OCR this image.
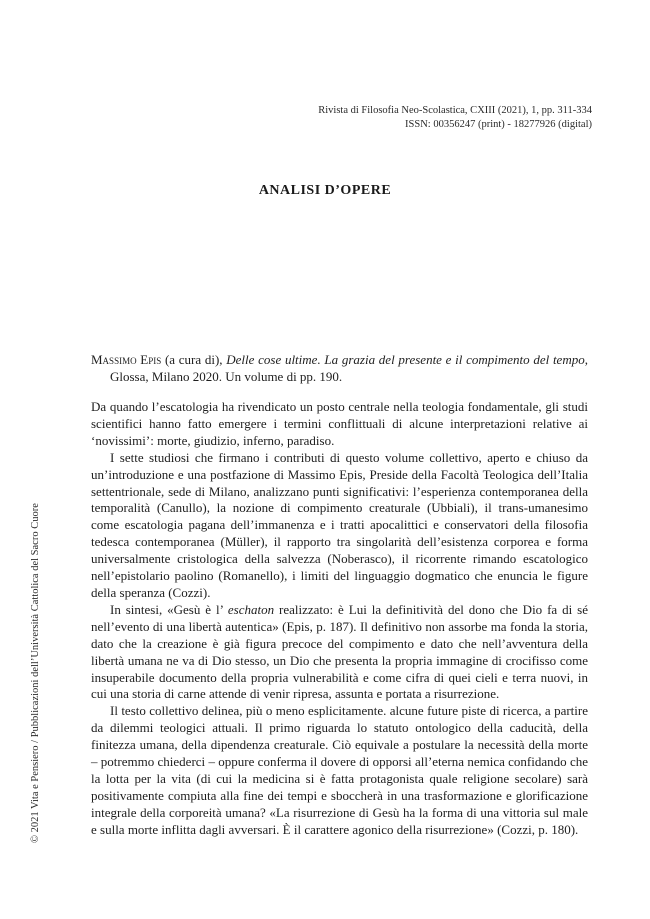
Rivista di Filosofia Neo-Scolastica, CXIII (2021), 1, pp. 311-334
ISSN: 00356247 (print) - 18277926 (digital)
ANALISI D’OPERE
Massimo Epis (a cura di), Delle cose ultime. La grazia del presente e il compimento del tempo, Glossa, Milano 2020. Un volume di pp. 190.

Da quando l’escatologia ha rivendicato un posto centrale nella teologia fondamentale, gli studi scientifici hanno fatto emergere i termini conflittuali di alcune interpretazioni relative ai ‘novissimi’: morte, giudizio, inferno, paradiso.

I sette studiosi che firmano i contributi di questo volume collettivo, aperto e chiuso da un’introduzione e una postfazione di Massimo Epis, Preside della Facoltà Teologica dell’Italia settentrionale, sede di Milano, analizzano punti significativi: l’esperienza contemporanea della temporalità (Canullo), la nozione di compimento creaturale (Ubbiali), il trans-umanesimo come escatologia pagana dell’immanenza e i tratti apocalittici e conservatori della filosofia tedesca contemporanea (Müller), il rapporto tra singolarità dell’esistenza corporea e forma universalmente cristologica della salvezza (Noberasco), il ricorrente rimando escatologico nell’epistolario paolino (Romanello), i limiti del linguaggio dogmatico che enuncia le figure della speranza (Cozzi).

In sintesi, «Gesù è l’ eschaton realizzato: è Lui la definitività del dono che Dio fa di sé nell’evento di una libertà autentica» (Epis, p. 187). Il definitivo non assorbe ma fonda la storia, dato che la creazione è già figura precoce del compimento e dato che nell’avventura della libertà umana ne va di Dio stesso, un Dio che presenta la propria immagine di crocifisso come insuperabile documento della propria vulnerabilità e come cifra di quei cieli e terra nuovi, in cui una storia di carne attende di venir ripresa, assunta e portata a risurrezione.

Il testo collettivo delinea, più o meno esplicitamente. alcune future piste di ricerca, a partire da dilemmi teologici attuali. Il primo riguarda lo statuto ontologico della caducità, della finitezza umana, della dipendenza creaturale. Ciò equivale a postulare la necessità della morte – potremmo chiederci – oppure conferma il dovere di opporsi all’eterna nemica confidando che la lotta per la vita (di cui la medicina si è fatta protagonista quale religione secolare) sarà positivamente compiuta alla fine dei tempi e sboccherà in una trasformazione e glorificazione integrale della corporeità umana? «La risurrezione di Gesù ha la forma di una vittoria sul male e sulla morte inflitta dagli avversari. È il carattere agonico della risurrezione» (Cozzi, p. 180).

© 2021 Vita e Pensiero / Pubblicazioni dell’Università Cattolica del Sacro Cuore
